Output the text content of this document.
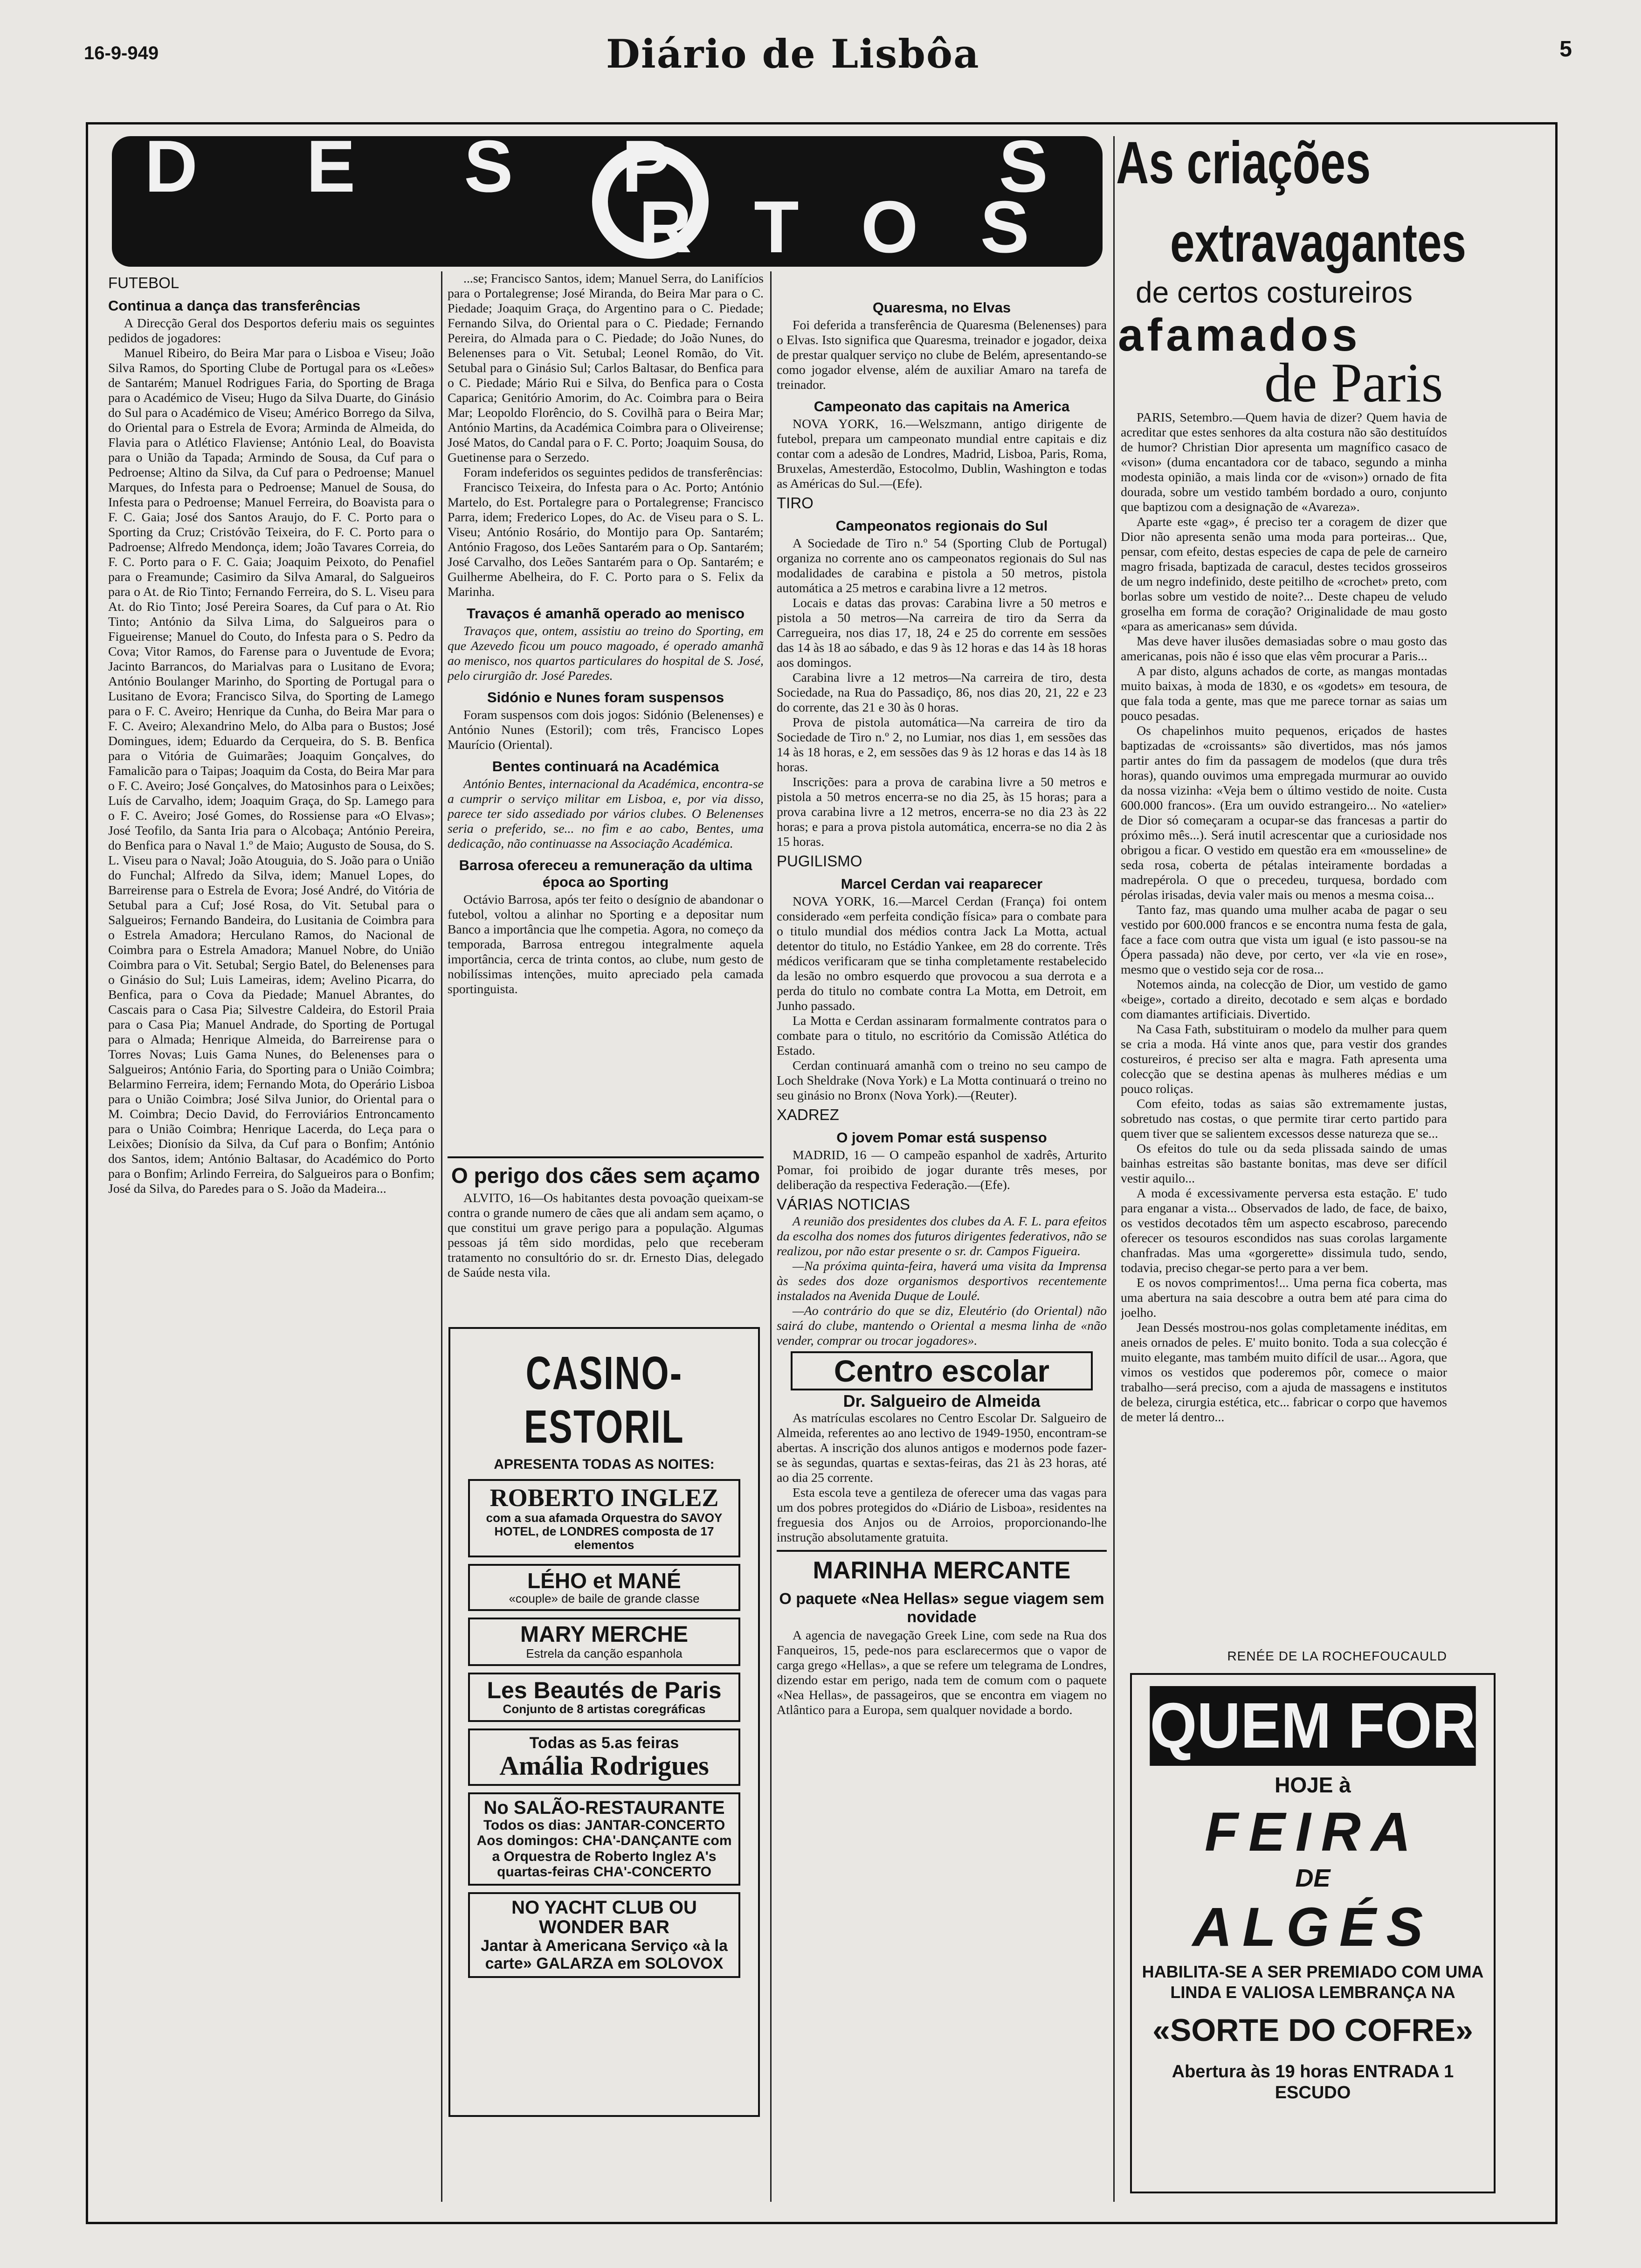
16-9-949	Diário de Lisbôa	5
D E S P	S
R T O S
As criações
extravagantes
de certos costureiros
afamados
de Paris
FUTEBOL
Continua a dança das transferências

A Direcção Geral dos Desportos deferiu mais os seguintes pedidos de jogadores:

Manuel Ribeiro, do Beira Mar para o Lisboa e Viseu; João Silva Ramos, do Sporting Clube de Portugal para os «Leões» de Santarém; Manuel Rodrigues Faria, do Sporting de Braga para o Académico de Viseu; Hugo da Silva Duarte, do Ginásio do Sul para o Académico de Viseu; Américo Borrego da Silva, do Oriental para o Estrela de Evora; Arminda de Almeida, do Flavia para o Atlético Flaviense; António Leal, do Boavista para o União da Tapada; Armindo de Sousa, da Cuf para o Pedroense; Altino da Silva, da Cuf para o Pedroense; Manuel Marques, do Infesta para o Pedroense; Manuel de Sousa, do Infesta para o Pedroense; Manuel Ferreira, do Boavista para o F. C. Gaia; José dos Santos Araujo, do F. C. Porto para o Sporting da Cruz; Cristóvão Teixeira, do F. C. Porto para o Padroense; Alfredo Mendonça, idem; João Tavares Correia, do F. C. Porto para o F. C. Gaia; Joaquim Peixoto, do Penafiel para o Freamunde; Casimiro da Silva Amaral, do Salgueiros para o At. de Rio Tinto; Fernando Ferreira, do S. L. Viseu para At. do Rio Tinto; José Pereira Soares, da Cuf para o At. Rio Tinto; António da Silva Lima, do Salgueiros para o Figueirense; Manuel do Couto, do Infesta para o S. Pedro da Cova; Vitor Ramos, do Farense para o Juventude de Evora; Jacinto Barrancos, do Marialvas para o Lusitano de Evora; António Boulanger Marinho, do Sporting de Portugal para o Lusitano de Evora; Francisco Silva, do Sporting de Lamego para o F. C. Aveiro; Henrique da Cunha, do Beira Mar para o F. C. Aveiro; Alexandrino Melo, do Alba para o Bustos; José Domingues, idem; Eduardo da Cerqueira, do S. B. Benfica para o Vitória de Guimarães; Joaquim Gonçalves, do Famalicão para o Taipas; Joaquim da Costa, do Beira Mar para o F. C. Aveiro; José Gonçalves, do Matosinhos para o Leixões; Luís de Carvalho, idem; Joaquim Graça, do Sp. Lamego para o F. C. Aveiro; José Gomes, do Rossiense para «O Elvas»; José Teofilo, da Santa Iria para o Alcobaça; António Pereira, do Benfica para o Naval 1.º de Maio; Augusto de Sousa, do S. L. Viseu para o Naval; João Atouguia, do S. João para o União do Funchal; Alfredo da Silva, idem; Manuel Lopes, do Barreirense para o Estrela de Evora; José André, do Vitória de Setubal para a Cuf; José Rosa, do Vit. Setubal para o Salgueiros; Fernando Bandeira, do Lusitania de Coimbra para o Estrela Amadora; Herculano Ramos, do Nacional de Coimbra para o Estrela Amadora; Manuel Nobre, do União Coimbra para o Vit. Setubal; Sergio Batel, do Belenenses para o Ginásio do Sul; Luis Lameiras, idem; Avelino Picarra, do Benfica, para o Cova da Piedade; Manuel Abrantes, do Cascais para o Casa Pia; Silvestre Caldeira, do Estoril Praia para o Casa Pia; Manuel Andrade, do Sporting de Portugal para o Almada; Henrique Almeida, do Barreirense para o Torres Novas; Luis Gama Nunes, do Belenenses para o Salgueiros; António Faria, do Sporting para o União Coimbra; Belarmino Ferreira, idem; Fernando Mota, do Operário Lisboa para o União Coimbra; José Silva Junior, do Oriental para o M. Coimbra; Decio David, do Ferroviários Entroncamento para o União Coimbra; Henrique Lacerda, do Leça para o Leixões; Dionísio da Silva, da Cuf para o Bonfim; António dos Santos, idem; António Baltasar, do Académico do Porto para o Bonfim; Arlindo Ferreira, do Salgueiros para o Bonfim; José da Silva, do Paredes para o S. João da Madeira...

...se; Francisco Santos, idem; Manuel Serra, do Lanifícios para o Portalegrense; José Miranda, do Beira Mar para o C. Piedade; Joaquim Graça, do Argentino para o C. Piedade; Fernando Silva, do Oriental para o C. Piedade; Fernando Pereira, do Almada para o C. Piedade; do João Nunes, do Belenenses para o Vit. Setubal; Leonel Romão, do Vit. Setubal para o Ginásio Sul; Carlos Baltasar, do Benfica para o C. Piedade; Mário Rui e Silva, do Benfica para o Costa Caparica; Genitório Amorim, do Ac. Coimbra para o Beira Mar; Leopoldo Florêncio, do S. Covilhã para o Beira Mar; António Martins, da Académica Coimbra para o Oliveirense; José Matos, do Candal para o F. C. Porto; Joaquim Sousa, do Guetinense para o Serzedo.

Foram indeferidos os seguintes pedidos de transferências:

Francisco Teixeira, do Infesta para o Ac. Porto; António Martelo, do Est. Portalegre para o Portalegrense; Francisco Parra, idem; Frederico Lopes, do Ac. de Viseu para o S. L. Viseu; António Rosário, do Montijo para Op. Santarém; António Fragoso, dos Leões Santarém para o Op. Santarém; José Carvalho, dos Leões Santarém para o Op. Santarém; e Guilherme Abelheira, do F. C. Porto para o S. Felix da Marinha.

Travaços é amanhã operado ao menisco

Travaços que, ontem, assistiu ao treino do Sporting, em que Azevedo ficou um pouco magoado, é operado amanhã ao menisco, nos quartos particulares do hospital de S. José, pelo cirurgião dr. José Paredes.

Sidónio e Nunes foram suspensos

Foram suspensos com dois jogos: Sidónio (Belenenses) e António Nunes (Estoril); com três, Francisco Lopes Maurício (Oriental).

Bentes continuará na Académica

António Bentes, internacional da Académica, encontra-se a cumprir o serviço militar em Lisboa, e, por via disso, parece ter sido assediado por vários clubes. O Belenenses seria o preferido, se... no fim e ao cabo, Bentes, uma dedicação, não continuasse na Associação Académica.

Barrosa ofereceu a remuneração da ultima época ao Sporting

Octávio Barrosa, após ter feito o desígnio de abandonar o futebol, voltou a alinhar no Sporting e a depositar num Banco a importância que lhe competia. Agora, no começo da temporada, Barrosa entregou integralmente aquela importância, cerca de trinta contos, ao clube, num gesto de nobilíssimas intenções, muito apreciado pela camada sportinguista.

O perigo dos cães sem açamo

ALVITO, 16—Os habitantes desta povoação queixam-se contra o grande numero de cães que ali andam sem açamo, o que constitui um grave perigo para a população. Algumas pessoas já têm sido mordidas, pelo que receberam tratamento no consultório do sr. dr. Ernesto Dias, delegado de Saúde nesta vila.

CASINO-ESTORIL
APRESENTA TODAS AS NOITES:
ROBERTO INGLEZ
com a sua afamada Orquestra do SAVOY HOTEL, de LONDRES composta de 17 elementos
LÉHO et MANÉ
«couple» de baile de grande classe
MARY MERCHE
Estrela da canção espanhola
Les Beautés de Paris
Conjunto de 8 artistas coregráficas
Todas as 5.as feiras
Amália Rodrigues
No SALÃO-RESTAURANTE
Todos os dias: JANTAR-CONCERTO Aos domingos: CHA'-DANÇANTE com a Orquestra de Roberto Inglez A's quartas-feiras CHA'-CONCERTO
NO YACHT CLUB OU WONDER BAR
Jantar à Americana Serviço «à la carte» GALARZA em SOLOVOX
Quaresma, no Elvas

Foi deferida a transferência de Quaresma (Belenenses) para o Elvas. Isto significa que Quaresma, treinador e jogador, deixa de prestar qualquer serviço no clube de Belém, apresentando-se como jogador elvense, além de auxiliar Amaro na tarefa de treinador.

Campeonato das capitais na America

NOVA YORK, 16.—Welszmann, antigo dirigente de futebol, prepara um campeonato mundial entre capitais e diz contar com a adesão de Londres, Madrid, Lisboa, Paris, Roma, Bruxelas, Amesterdão, Estocolmo, Dublin, Washington e todas as Américas do Sul.—(Efe).

TIRO
Campeonatos regionais do Sul

A Sociedade de Tiro n.º 54 (Sporting Club de Portugal) organiza no corrente ano os campeonatos regionais do Sul nas modalidades de carabina e pistola a 50 metros, pistola automática a 25 metros e carabina livre a 12 metros.

Locais e datas das provas: Carabina livre a 50 metros e pistola a 50 metros—Na carreira de tiro da Serra da Carregueira, nos dias 17, 18, 24 e 25 do corrente em sessões das 14 às 18 ao sábado, e das 9 às 12 horas e das 14 às 18 horas aos domingos.

Carabina livre a 12 metros—Na carreira de tiro, desta Sociedade, na Rua do Passadiço, 86, nos dias 20, 21, 22 e 23 do corrente, das 21 e 30 às 0 horas.

Prova de pistola automática—Na carreira de tiro da Sociedade de Tiro n.º 2, no Lumiar, nos dias 1, em sessões das 14 às 18 horas, e 2, em sessões das 9 às 12 horas e das 14 às 18 horas.

Inscrições: para a prova de carabina livre a 50 metros e pistola a 50 metros encerra-se no dia 25, às 15 horas; para a prova carabina livre a 12 metros, encerra-se no dia 23 às 22 horas; e para a prova pistola automática, encerra-se no dia 2 às 15 horas.

PUGILISMO
Marcel Cerdan vai reaparecer

NOVA YORK, 16.—Marcel Cerdan (França) foi ontem considerado «em perfeita condição física» para o combate para o titulo mundial dos médios contra Jack La Motta, actual detentor do titulo, no Estádio Yankee, em 28 do corrente. Três médicos verificaram que se tinha completamente restabelecido da lesão no ombro esquerdo que provocou a sua derrota e a perda do titulo no combate contra La Motta, em Detroit, em Junho passado.

La Motta e Cerdan assinaram formalmente contratos para o combate para o titulo, no escritório da Comissão Atlética do Estado.

Cerdan continuará amanhã com o treino no seu campo de Loch Sheldrake (Nova York) e La Motta continuará o treino no seu ginásio no Bronx (Nova York).—(Reuter).

XADREZ
O jovem Pomar está suspenso

MADRID, 16 — O campeão espanhol de xadrês, Arturito Pomar, foi proibido de jogar durante três meses, por deliberação da respectiva Federação.—(Efe).

VÁRIAS NOTICIAS

A reunião dos presidentes dos clubes da A. F. L. para efeitos da escolha dos nomes dos futuros dirigentes federativos, não se realizou, por não estar presente o sr. dr. Campos Figueira.

—Na próxima quinta-feira, haverá uma visita da Imprensa às sedes dos doze organismos desportivos recentemente instalados na Avenida Duque de Loulé.

—Ao contrário do que se diz, Eleutério (do Oriental) não sairá do clube, mantendo o Oriental a mesma linha de «não vender, comprar ou trocar jogadores».

Centro escolar
Dr. Salgueiro de Almeida

As matrículas escolares no Centro Escolar Dr. Salgueiro de Almeida, referentes ao ano lectivo de 1949-1950, encontram-se abertas. A inscrição dos alunos antigos e modernos pode fazer-se às segundas, quartas e sextas-feiras, das 21 às 23 horas, até ao dia 25 corrente.

Esta escola teve a gentileza de oferecer uma das vagas para um dos pobres protegidos do «Diário de Lisboa», residentes na freguesia dos Anjos ou de Arroios, proporcionando-lhe instrução absolutamente gratuita.

MARINHA MERCANTE
O paquete «Nea Hellas» segue viagem sem novidade

A agencia de navegação Greek Line, com sede na Rua dos Fanqueiros, 15, pede-nos para esclarecermos que o vapor de carga grego «Hellas», a que se refere um telegrama de Londres, dizendo estar em perigo, nada tem de comum com o paquete «Nea Hellas», de passageiros, que se encontra em viagem no Atlântico para a Europa, sem qualquer novidade a bordo.

PARIS, Setembro.—Quem havia de dizer? Quem havia de acreditar que estes senhores da alta costura não são destituídos de humor? Christian Dior apresenta um magnífico casaco de «vison» (duma encantadora cor de tabaco, segundo a minha modesta opinião, a mais linda cor de «vison») ornado de fita dourada, sobre um vestido também bordado a ouro, conjunto que baptizou com a designação de «Avareza».

Aparte este «gag», é preciso ter a coragem de dizer que Dior não apresenta senão uma moda para porteiras... Que, pensar, com efeito, destas especies de capa de pele de carneiro magro frisada, baptizada de caracul, destes tecidos grosseiros de um negro indefinido, deste peitilho de «crochet» preto, com borlas sobre um vestido de noite?... Deste chapeu de veludo groselha em forma de coração? Originalidade de mau gosto «para as americanas» sem dúvida.

Mas deve haver ilusões demasiadas sobre o mau gosto das americanas, pois não é isso que elas vêm procurar a Paris...

A par disto, alguns achados de corte, as mangas montadas muito baixas, à moda de 1830, e os «godets» em tesoura, de que fala toda a gente, mas que me parece tornar as saias um pouco pesadas.

Os chapelinhos muito pequenos, eriçados de hastes baptizadas de «croissants» são divertidos, mas nós jamos partir antes do fim da passagem de modelos (que dura três horas), quando ouvimos uma empregada murmurar ao ouvido da nossa vizinha: «Veja bem o último vestido de noite. Custa 600.000 francos». (Era um ouvido estrangeiro... No «atelier» de Dior só começaram a ocupar-se das francesas a partir do próximo mês...). Será inutil acrescentar que a curiosidade nos obrigou a ficar. O vestido em questão era em «mousseline» de seda rosa, coberta de pétalas inteiramente bordadas a madrepérola. O que o precedeu, turquesa, bordado com pérolas irisadas, devia valer mais ou menos a mesma coisa...

Tanto faz, mas quando uma mulher acaba de pagar o seu vestido por 600.000 francos e se encontra numa festa de gala, face a face com outra que vista um igual (e isto passou-se na Ópera passada) não deve, por certo, ver «la vie en rose», mesmo que o vestido seja cor de rosa...

Notemos ainda, na colecção de Dior, um vestido de gamo «beige», cortado a direito, decotado e sem alças e bordado com diamantes artificiais. Divertido.

Na Casa Fath, substituiram o modelo da mulher para quem se cria a moda. Há vinte anos que, para vestir dos grandes costureiros, é preciso ser alta e magra. Fath apresenta uma colecção que se destina apenas às mulheres médias e um pouco roliças.

Com efeito, todas as saias são extremamente justas, sobretudo nas costas, o que permite tirar certo partido para quem tiver que se salientem excessos desse natureza que se...

Os efeitos do tule ou da seda plissada saindo de umas bainhas estreitas são bastante bonitas, mas deve ser difícil vestir aquilo...

A moda é excessivamente perversa esta estação. E' tudo para enganar a vista... Observados de lado, de face, de baixo, os vestidos decotados têm um aspecto escabroso, parecendo oferecer os tesouros escondidos nas suas corolas largamente chanfradas. Mas uma «gorgerette» dissimula tudo, sendo, todavia, preciso chegar-se perto para a ver bem.

E os novos comprimentos!... Uma perna fica coberta, mas uma abertura na saia descobre a outra bem até para cima do joelho.

Jean Dessés mostrou-nos golas completamente inéditas, em aneis ornados de peles. E' muito bonito. Toda a sua colecção é muito elegante, mas também muito difícil de usar... Agora, que vimos os vestidos que poderemos pôr, comece o maior trabalho—será preciso, com a ajuda de massagens e institutos de beleza, cirurgia estética, etc... fabricar o corpo que havemos de meter lá dentro...

RENÉE DE LA ROCHEFOUCAULD
QUEM FOR
HOJE à
FEIRA
DE
ALGÉS
HABILITA-SE A SER PREMIADO COM UMA LINDA E VALIOSA LEMBRANÇA NA
«SORTE DO COFRE»
Abertura às 19 horas ENTRADA 1 ESCUDO
